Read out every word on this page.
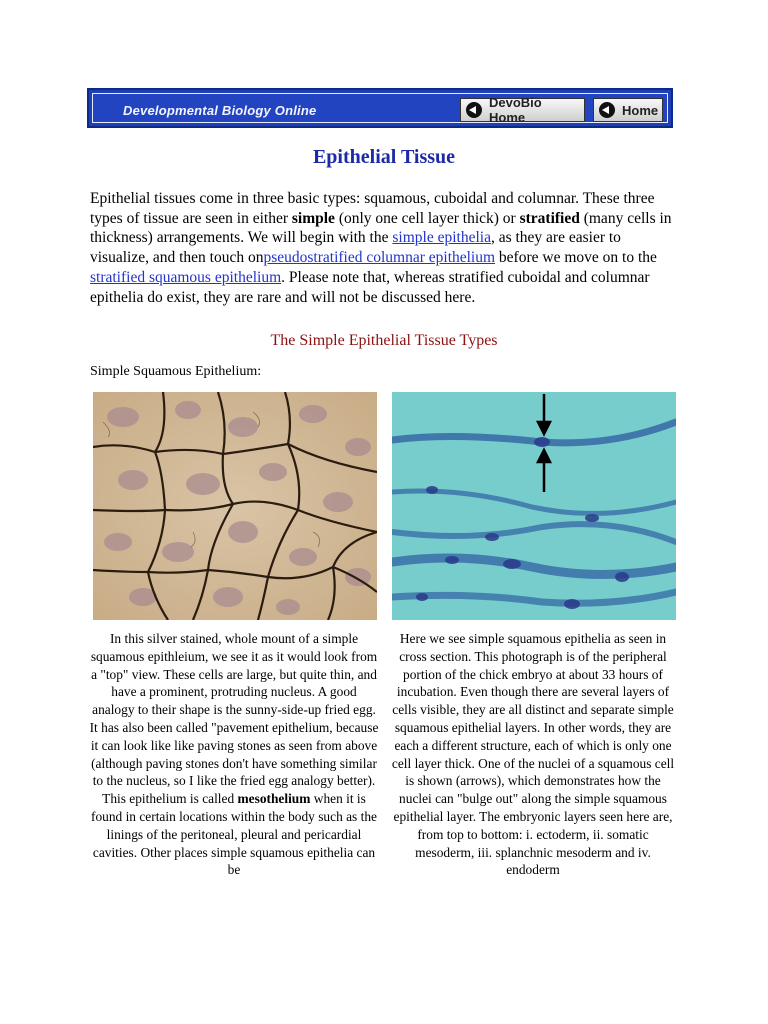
Developmental Biology Online
DevoBio Home	Home
Epithelial Tissue
Epithelial tissues come in three basic types: squamous, cuboidal and columnar. These three types of tissue are seen in either simple (only one cell layer thick) or stratified (many cells in thickness) arrangements. We will begin with the simple epithelia, as they are easier to visualize, and then touch onpseudostratified columnar epithelium before we move on to the stratified squamous epithelium. Please note that, whereas stratified cuboidal and columnar epithelia do exist, they are rare and will not be discussed here.
The Simple Epithelial Tissue Types
Simple Squamous Epithelium:
In this silver stained, whole mount of a simple squamous epithleium, we see it as it would look from a "top" view. These cells are large, but quite thin, and have a prominent, protruding nucleus. A good analogy to their shape is the sunny-side-up fried egg. It has also been called "pavement epithelium, because it can look like like paving stones as seen from above (although paving stones don't have something similar to the nucleus, so I like the fried egg analogy better). This epithelium is called mesothelium when it is found in certain locations within the body such as the linings of the peritoneal, pleural and pericardial cavities. Other places simple squamous epithelia can be
Here we see simple squamous epithelia as seen in cross section. This photograph is of the peripheral portion of the chick embryo at about 33 hours of incubation. Even though there are several layers of cells visible, they are all distinct and separate simple squamous epithelial layers. In other words, they are each a different structure, each of which is only one cell layer thick. One of the nuclei of a squamous cell is shown (arrows), which demonstrates how the nuclei can "bulge out" along the simple squamous epithelial layer. The embryonic layers seen here are, from top to bottom: i. ectoderm, ii. somatic mesoderm, iii. splanchnic mesoderm and iv. endoderm
